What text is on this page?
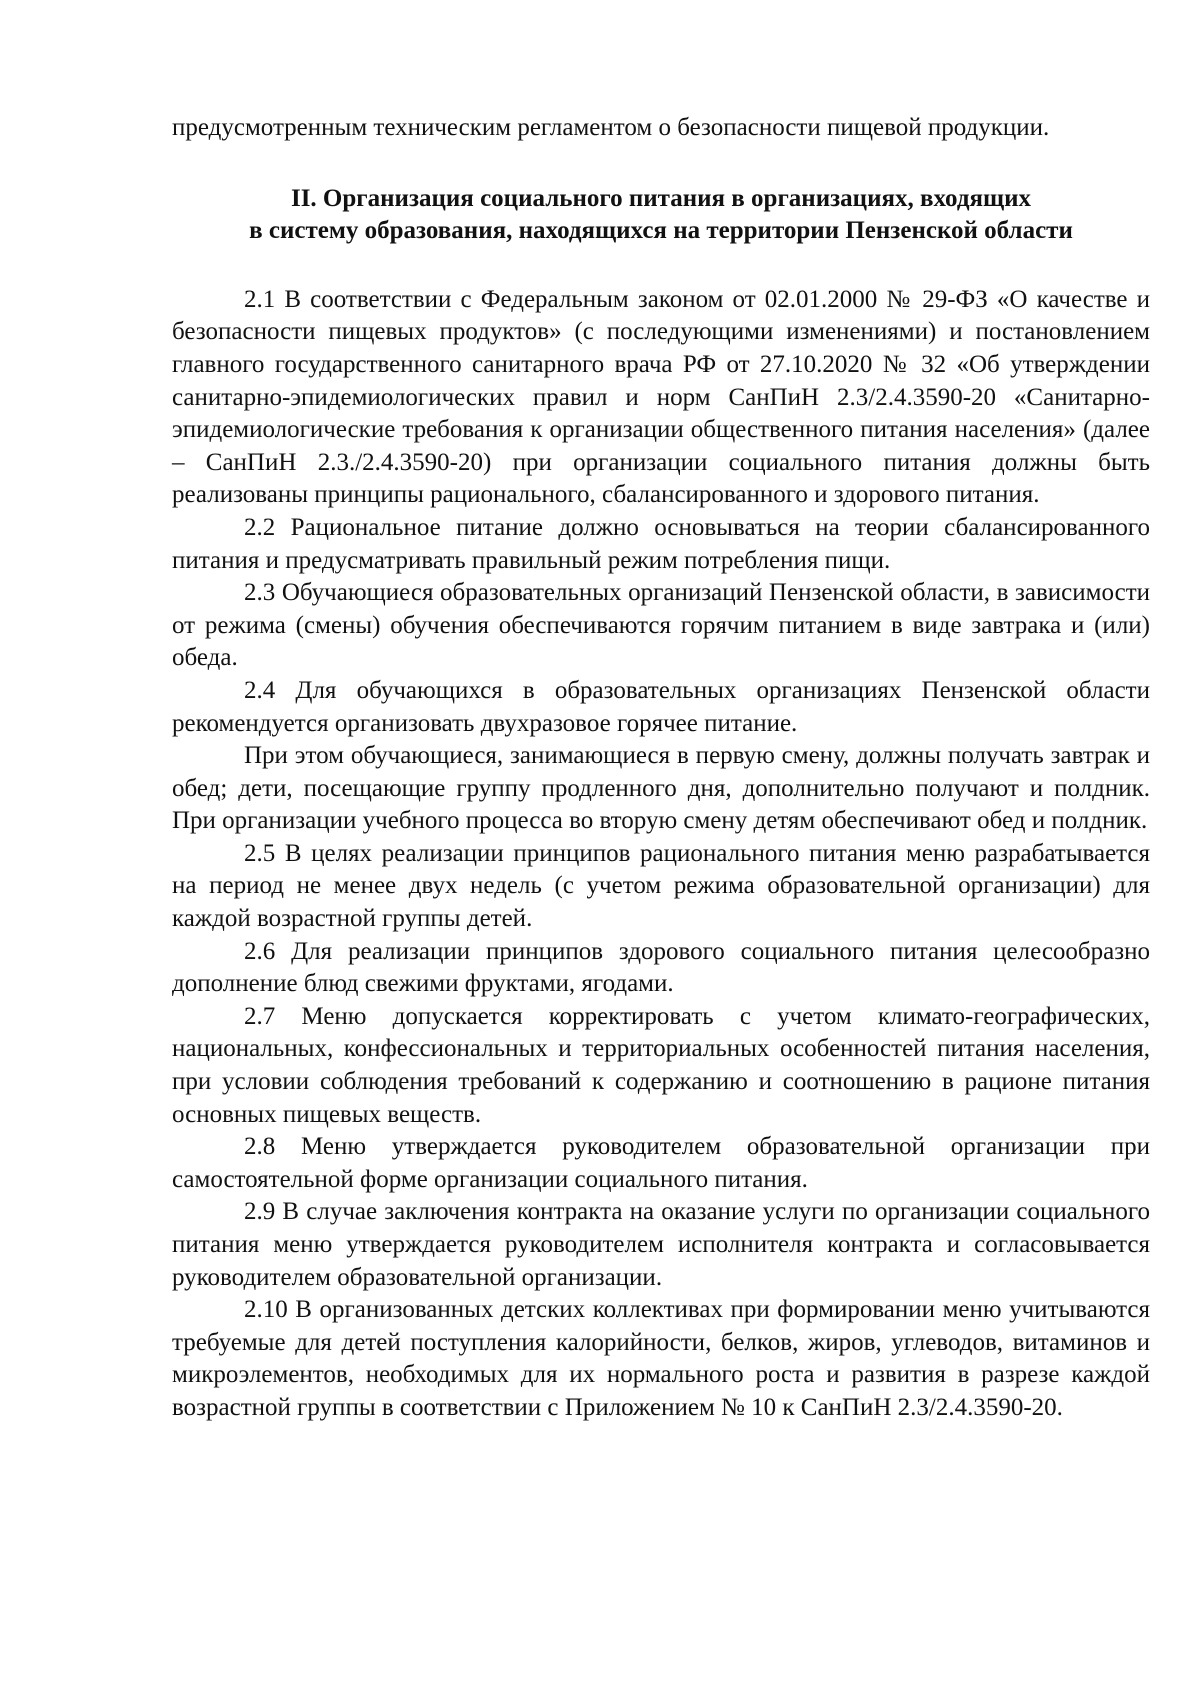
предусмотренным техническим регламентом о безопасности пищевой продукции.

II. Организация социального питания в организациях, входящих
в систему образования, находящихся на территории Пензенской области

2.1 В соответствии с Федеральным законом от 02.01.2000 № 29-ФЗ «О качестве и безопасности пищевых продуктов» (с последующими изменениями) и постановлением главного государственного санитарного врача РФ от 27.10.2020 № 32 «Об утверждении санитарно-эпидемиологических правил и норм СанПиН 2.3/2.4.3590-20 «Санитарно-эпидемиологические требования к организации общественного питания населения» (далее – СанПиН 2.3./2.4.3590-20) при организации социального питания должны быть реализованы принципы рационального, сбалансированного и здорового питания.

2.2 Рациональное питание должно основываться на теории сбалансированного питания и предусматривать правильный режим потребления пищи.

2.3 Обучающиеся образовательных организаций Пензенской области, в зависимости от режима (смены) обучения обеспечиваются горячим питанием в виде завтрака и (или) обеда.

2.4 Для обучающихся в образовательных организациях Пензенской области рекомендуется организовать двухразовое горячее питание.

При этом обучающиеся, занимающиеся в первую смену, должны получать завтрак и обед; дети, посещающие группу продленного дня, дополнительно получают и полдник. При организации учебного процесса во вторую смену детям обеспечивают обед и полдник.

2.5 В целях реализации принципов рационального питания меню разрабатывается на период не менее двух недель (с учетом режима образовательной организации) для каждой возрастной группы детей.

2.6 Для реализации принципов здорового социального питания целесообразно дополнение блюд свежими фруктами, ягодами.

2.7 Меню допускается корректировать с учетом климато-географических, национальных, конфессиональных и территориальных особенностей питания населения, при условии соблюдения требований к содержанию и соотношению в рационе питания основных пищевых веществ.

2.8 Меню утверждается руководителем образовательной организации при самостоятельной форме организации социального питания.

2.9 В случае заключения контракта на оказание услуги по организации социального питания меню утверждается руководителем исполнителя контракта и согласовывается руководителем образовательной организации.

2.10 В организованных детских коллективах при формировании меню учитываются требуемые для детей поступления калорийности, белков, жиров, углеводов, витаминов и микроэлементов, необходимых для их нормального роста и развития в разрезе каждой возрастной группы в соответствии с Приложением № 10 к СанПиН 2.3/2.4.3590-20.
